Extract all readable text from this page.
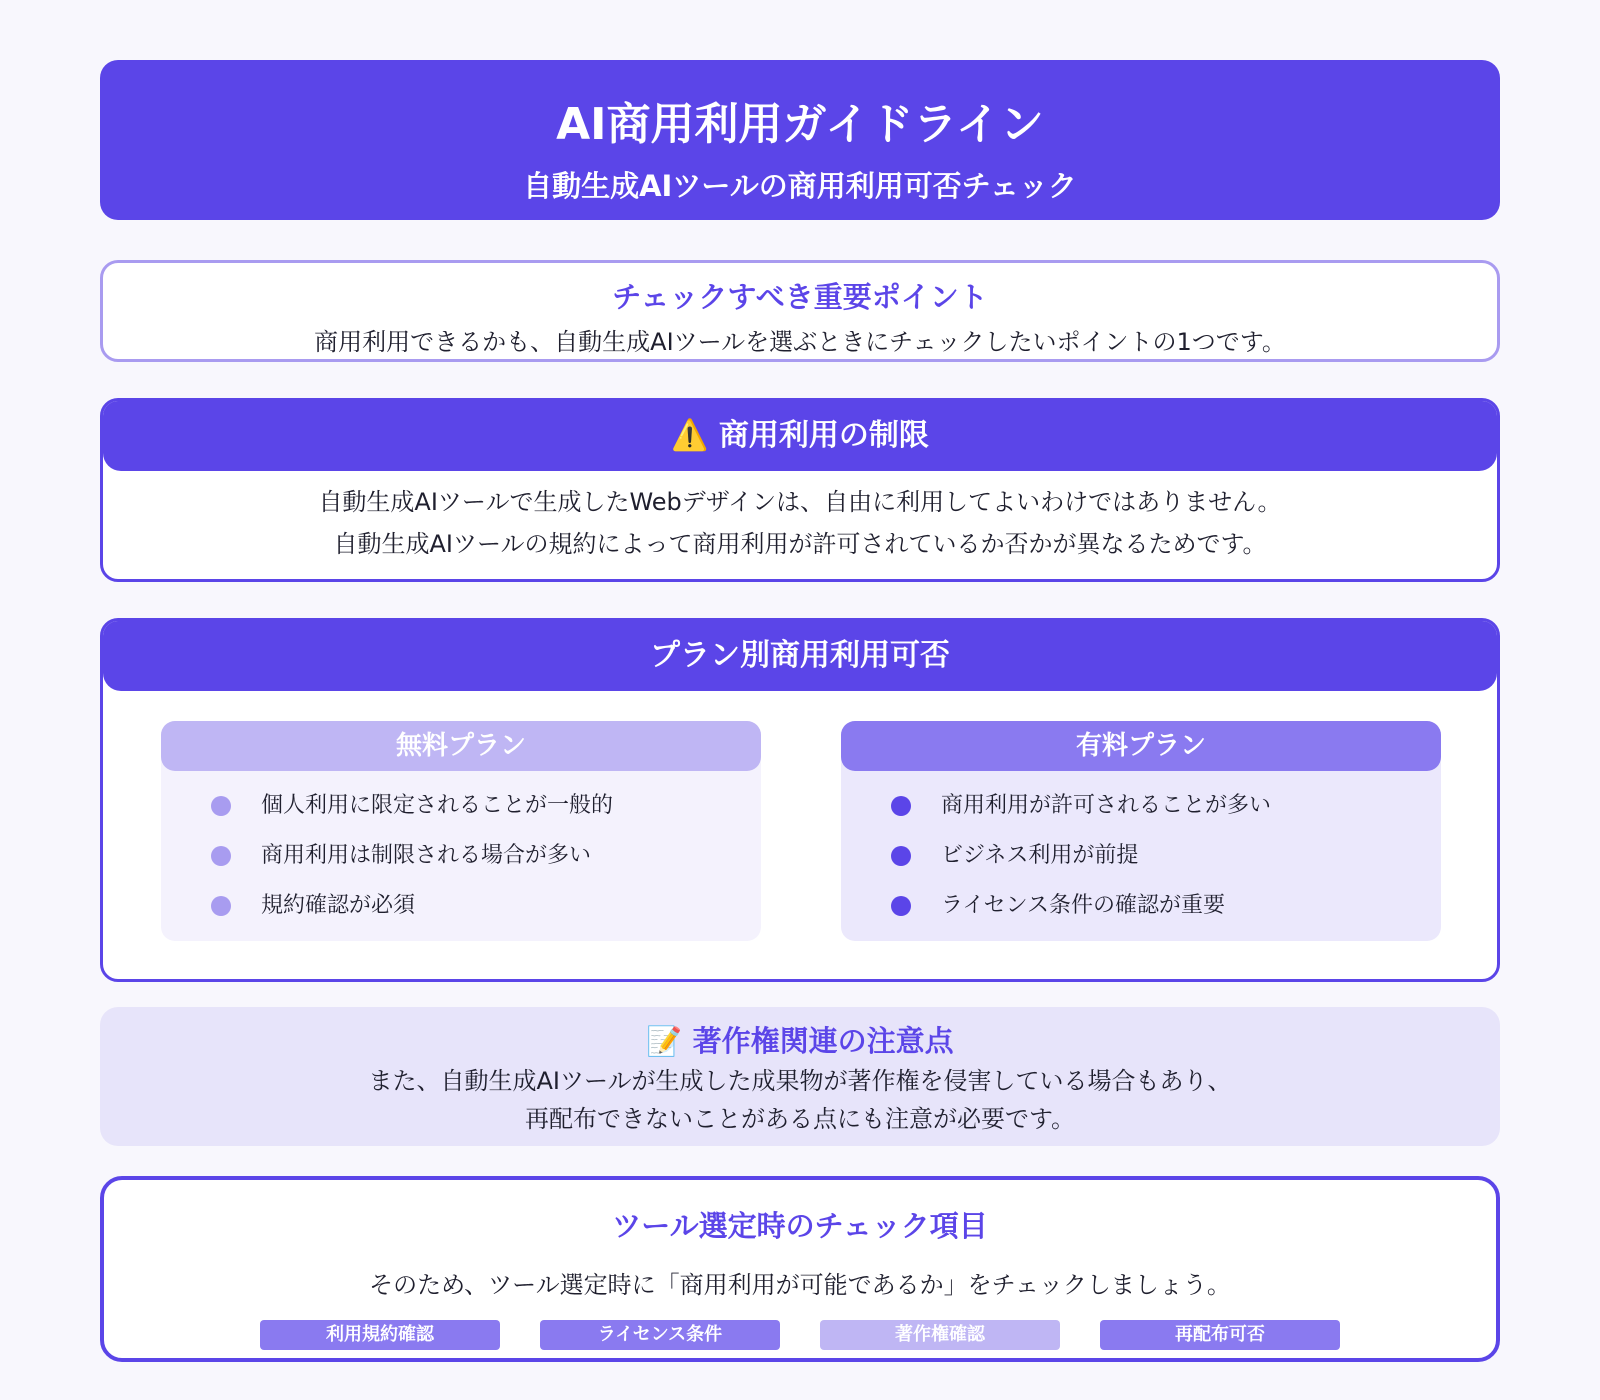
AI商用利用ガイドライン
自動生成AIツールの商用利用可否チェック
チェックすべき重要ポイント

商用利用できるかも、自動生成AIツールを選ぶときにチェックしたいポイントの1つです。

⚠️ 商用利用の制限

自動生成AIツールで生成したWebデザインは、自由に利用してよいわけではありません。

自動生成AIツールの規約によって商用利用が許可されているか否かが異なるためです。

プラン別商用利用可否
無料プラン
個人利用に限定されることが一般的
商用利用は制限される場合が多い
規約確認が必須
有料プラン
商用利用が許可されることが多い
ビジネス利用が前提
ライセンス条件の確認が重要
📝 著作権関連の注意点

また、自動生成AIツールが生成した成果物が著作権を侵害している場合もあり、

再配布できないことがある点にも注意が必要です。

ツール選定時のチェック項目

そのため、ツール選定時に「商用利用が可能であるか」をチェックしましょう。

利用規約確認	ライセンス条件	著作権確認	再配布可否
